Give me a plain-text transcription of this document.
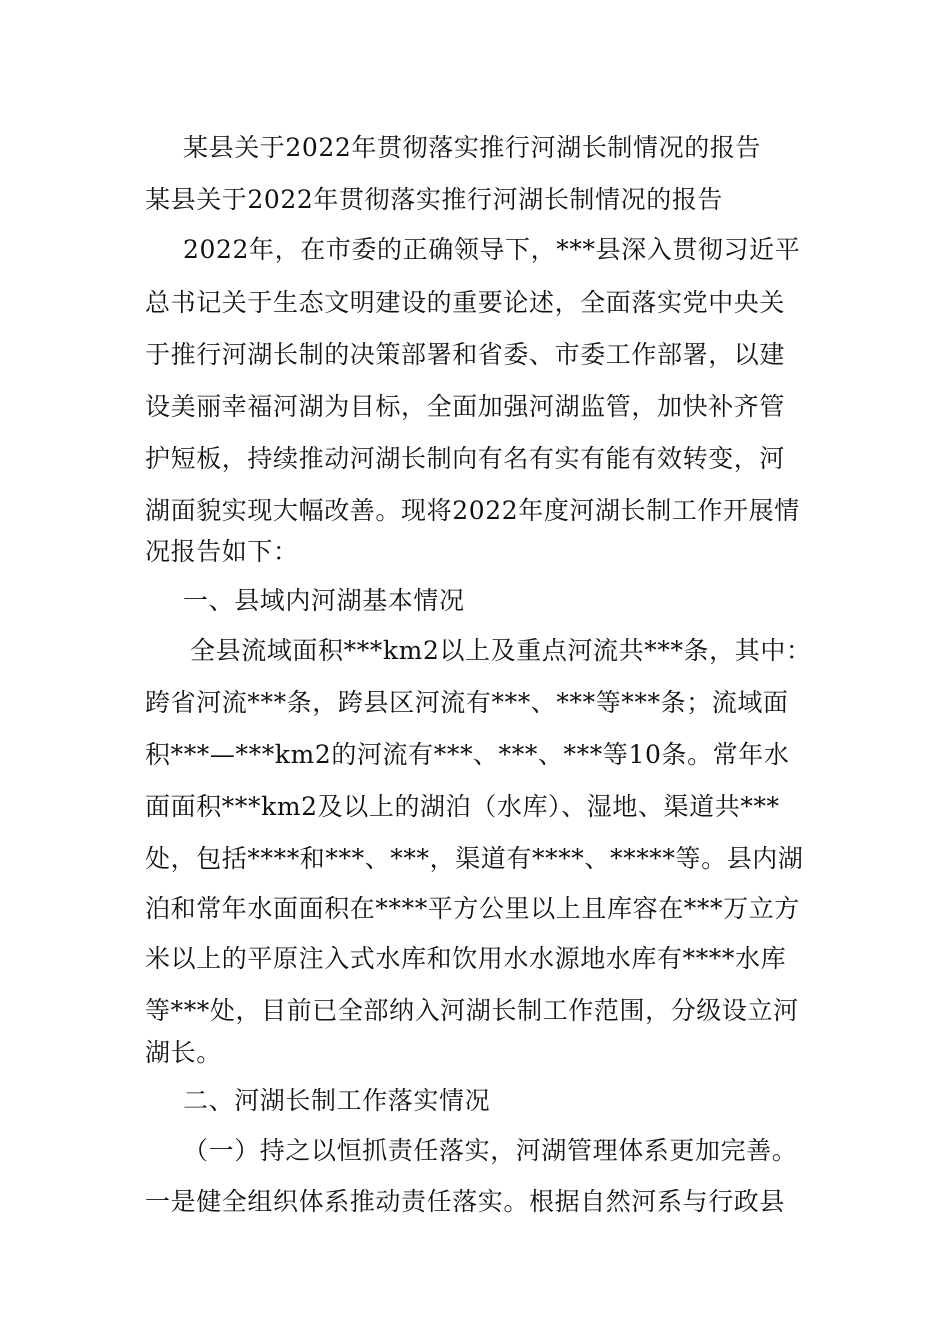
某县关于2022年贯彻落实推行河湖长制情况的报告
某县关于2022年贯彻落实推行河湖长制情况的报告
2022年，在市委的正确领导下，***县深入贯彻习近平
总书记关于生态文明建设的重要论述，全面落实党中央关
于推行河湖长制的决策部署和省委、市委工作部署，以建
设美丽幸福河湖为目标，全面加强河湖监管，加快补齐管
护短板，持续推动河湖长制向有名有实有能有效转变，河
湖面貌实现大幅改善。现将2022年度河湖长制工作开展情
况报告如下：
一、县域内河湖基本情况
全县流域面积***km2以上及重点河流共***条，其中：
跨省河流***条，跨县区河流有***、***等***条；流域面
积***—***km2的河流有***、***、***等10条。常年水
面面积***km2及以上的湖泊（水库）、湿地、渠道共***
处，包括****和***、***，渠道有****、*****等。县内湖
泊和常年水面面积在****平方公里以上且库容在***万立方
米以上的平原注入式水库和饮用水水源地水库有****水库
等***处，目前已全部纳入河湖长制工作范围，分级设立河
湖长。
二、河湖长制工作落实情况
（一）持之以恒抓责任落实，河湖管理体系更加完善。
一是健全组织体系推动责任落实。根据自然河系与行政县
